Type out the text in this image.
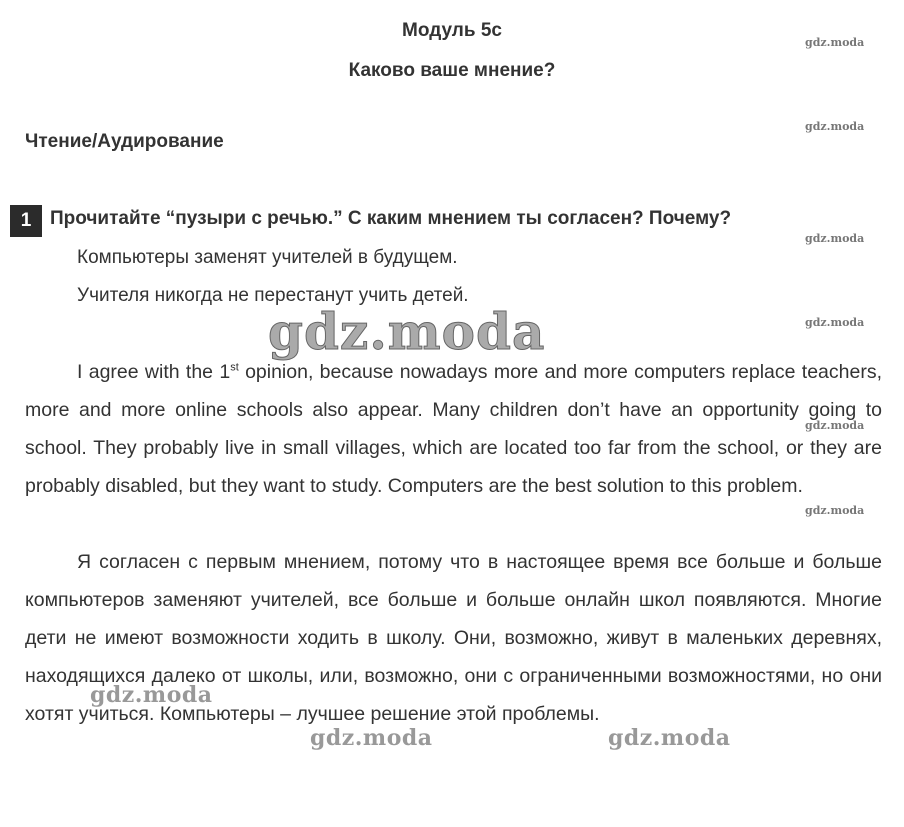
Модуль 5c
Каково ваше мнение?
Чтение/Аудирование
1 Прочитайте “пузыри с речью.” С каким мнением ты согласен? Почему?
Компьютеры заменят учителей в будущем.
Учителя никогда не перестанут учить детей.
I agree with the 1st opinion, because nowadays more and more computers replace teachers, more and more online schools also appear. Many children don’t have an opportunity going to school. They probably live in small villages, which are located too far from the school, or they are probably disabled, but they want to study. Computers are the best solution to this problem.
Я согласен с первым мнением, потому что в настоящее время все больше и больше компьютеров заменяют учителей, все больше и больше онлайн школ появляются. Многие дети не имеют возможности ходить в школу. Они, возможно, живут в маленьких деревнях, находящихся далеко от школы, или, возможно, они с ограниченными возможностями, но они хотят учиться. Компьютеры – лучшее решение этой проблемы.
gdz.moda
gdz.moda
gdz.moda
gdz.moda
gdz.moda
gdz.moda
gdz.moda
gdz.moda
gdz.moda	gdz.moda
